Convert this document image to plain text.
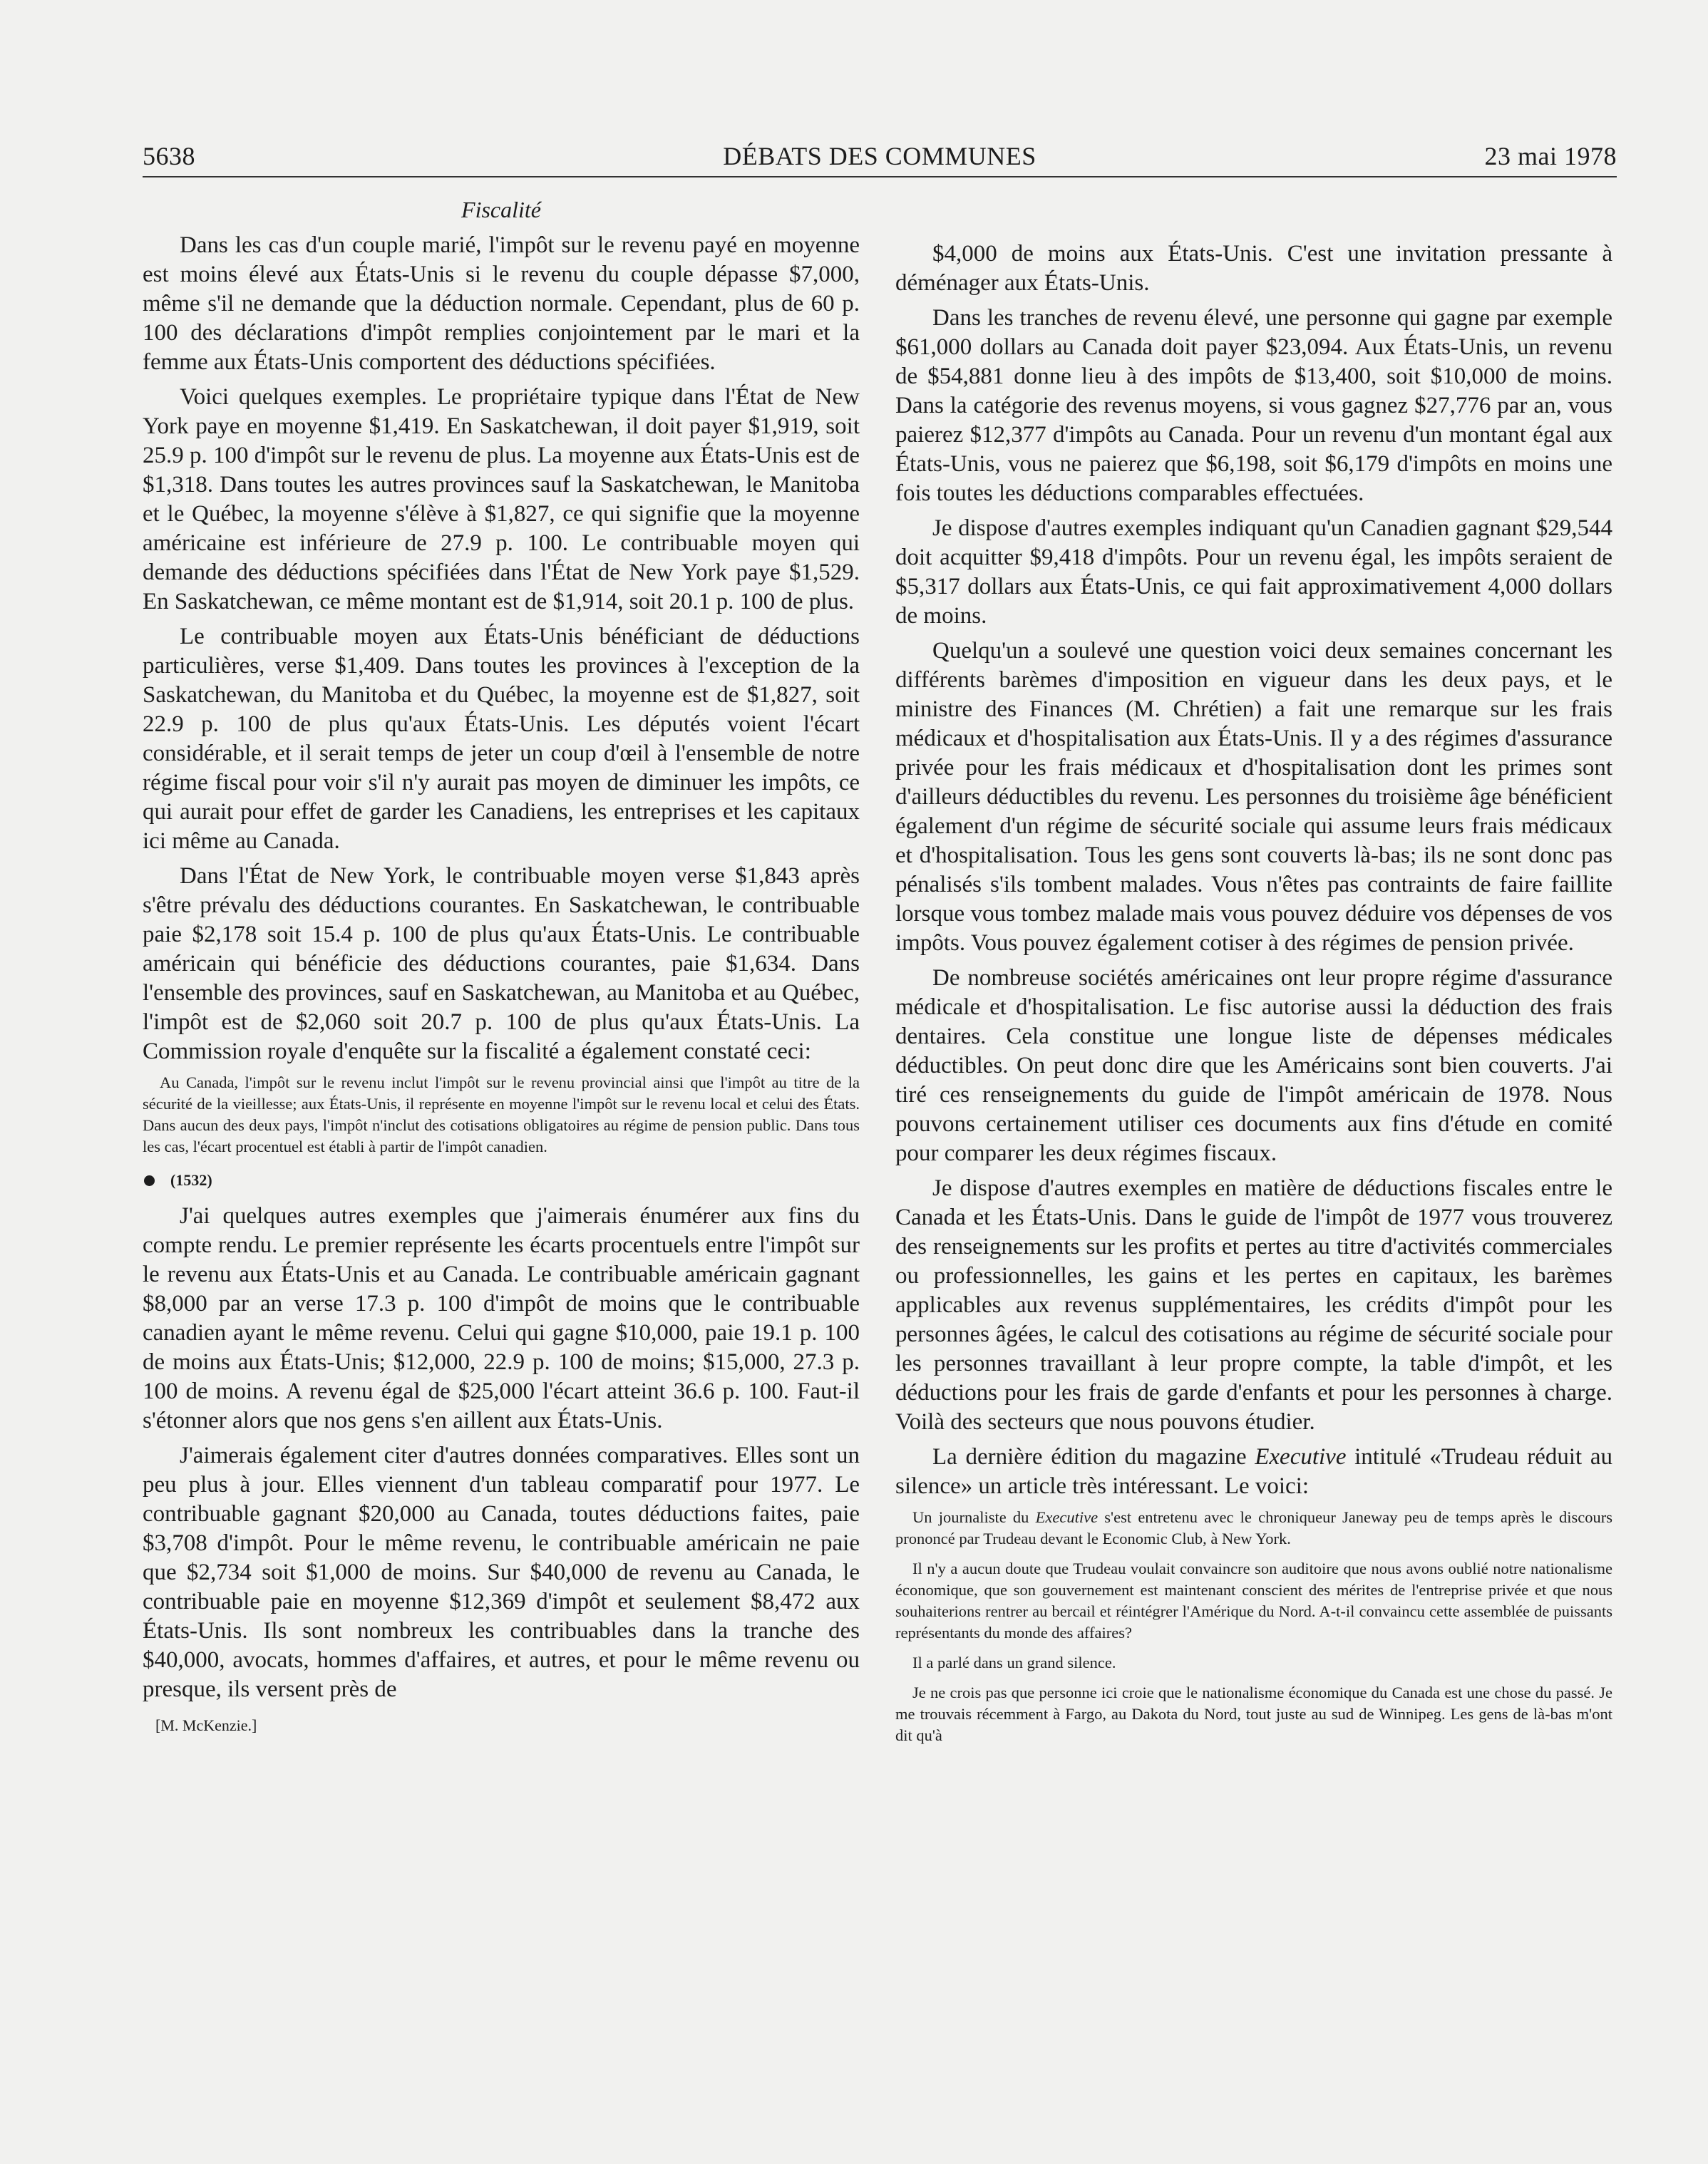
5638	DÉBATS DES COMMUNES	23 mai 1978
Fiscalité

Dans les cas d'un couple marié, l'impôt sur le revenu payé en moyenne est moins élevé aux États-Unis si le revenu du couple dépasse $7,000, même s'il ne demande que la déduction normale. Cependant, plus de 60 p. 100 des déclarations d'impôt remplies conjointement par le mari et la femme aux États-Unis comportent des déductions spécifiées.

Voici quelques exemples. Le propriétaire typique dans l'État de New York paye en moyenne $1,419. En Saskatchewan, il doit payer $1,919, soit 25.9 p. 100 d'impôt sur le revenu de plus. La moyenne aux États-Unis est de $1,318. Dans toutes les autres provinces sauf la Saskatchewan, le Manitoba et le Québec, la moyenne s'élève à $1,827, ce qui signifie que la moyenne américaine est inférieure de 27.9 p. 100. Le contribuable moyen qui demande des déductions spécifiées dans l'État de New York paye $1,529. En Saskatchewan, ce même montant est de $1,914, soit 20.1 p. 100 de plus.

Le contribuable moyen aux États-Unis bénéficiant de déductions particulières, verse $1,409. Dans toutes les provinces à l'exception de la Saskatchewan, du Manitoba et du Québec, la moyenne est de $1,827, soit 22.9 p. 100 de plus qu'aux États-Unis. Les députés voient l'écart considérable, et il serait temps de jeter un coup d'œil à l'ensemble de notre régime fiscal pour voir s'il n'y aurait pas moyen de diminuer les impôts, ce qui aurait pour effet de garder les Canadiens, les entreprises et les capitaux ici même au Canada.

Dans l'État de New York, le contribuable moyen verse $1,843 après s'être prévalu des déductions courantes. En Saskatchewan, le contribuable paie $2,178 soit 15.4 p. 100 de plus qu'aux États-Unis. Le contribuable américain qui bénéficie des déductions courantes, paie $1,634. Dans l'ensemble des provinces, sauf en Saskatchewan, au Manitoba et au Québec, l'impôt est de $2,060 soit 20.7 p. 100 de plus qu'aux États-Unis. La Commission royale d'enquête sur la fiscalité a également constaté ceci:

Au Canada, l'impôt sur le revenu inclut l'impôt sur le revenu provincial ainsi que l'impôt au titre de la sécurité de la vieillesse; aux États-Unis, il représente en moyenne l'impôt sur le revenu local et celui des États. Dans aucun des deux pays, l'impôt n'inclut des cotisations obligatoires au régime de pension public. Dans tous les cas, l'écart procentuel est établi à partir de l'impôt canadien.

(1532)

J'ai quelques autres exemples que j'aimerais énumérer aux fins du compte rendu. Le premier représente les écarts procentuels entre l'impôt sur le revenu aux États-Unis et au Canada. Le contribuable américain gagnant $8,000 par an verse 17.3 p. 100 d'impôt de moins que le contribuable canadien ayant le même revenu. Celui qui gagne $10,000, paie 19.1 p. 100 de moins aux États-Unis; $12,000, 22.9 p. 100 de moins; $15,000, 27.3 p. 100 de moins. A revenu égal de $25,000 l'écart atteint 36.6 p. 100. Faut-il s'étonner alors que nos gens s'en aillent aux États-Unis.

J'aimerais également citer d'autres données comparatives. Elles sont un peu plus à jour. Elles viennent d'un tableau comparatif pour 1977. Le contribuable gagnant $20,000 au Canada, toutes déductions faites, paie $3,708 d'impôt. Pour le même revenu, le contribuable américain ne paie que $2,734 soit $1,000 de moins. Sur $40,000 de revenu au Canada, le contribuable paie en moyenne $12,369 d'impôt et seulement $8,472 aux États-Unis. Ils sont nombreux les contribuables dans la tranche des $40,000, avocats, hommes d'affaires, et autres, et pour le même revenu ou presque, ils versent près de

[M. McKenzie.]

$4,000 de moins aux États-Unis. C'est une invitation pressante à déménager aux États-Unis.

Dans les tranches de revenu élevé, une personne qui gagne par exemple $61,000 dollars au Canada doit payer $23,094. Aux États-Unis, un revenu de $54,881 donne lieu à des impôts de $13,400, soit $10,000 de moins. Dans la catégorie des revenus moyens, si vous gagnez $27,776 par an, vous paierez $12,377 d'impôts au Canada. Pour un revenu d'un montant égal aux États-Unis, vous ne paierez que $6,198, soit $6,179 d'impôts en moins une fois toutes les déductions comparables effectuées.

Je dispose d'autres exemples indiquant qu'un Canadien gagnant $29,544 doit acquitter $9,418 d'impôts. Pour un revenu égal, les impôts seraient de $5,317 dollars aux États-Unis, ce qui fait approximativement 4,000 dollars de moins.

Quelqu'un a soulevé une question voici deux semaines concernant les différents barèmes d'imposition en vigueur dans les deux pays, et le ministre des Finances (M. Chrétien) a fait une remarque sur les frais médicaux et d'hospitalisation aux États-Unis. Il y a des régimes d'assurance privée pour les frais médicaux et d'hospitalisation dont les primes sont d'ailleurs déductibles du revenu. Les personnes du troisième âge bénéficient également d'un régime de sécurité sociale qui assume leurs frais médicaux et d'hospitalisation. Tous les gens sont couverts là-bas; ils ne sont donc pas pénalisés s'ils tombent malades. Vous n'êtes pas contraints de faire faillite lorsque vous tombez malade mais vous pouvez déduire vos dépenses de vos impôts. Vous pouvez également cotiser à des régimes de pension privée.

De nombreuse sociétés américaines ont leur propre régime d'assurance médicale et d'hospitalisation. Le fisc autorise aussi la déduction des frais dentaires. Cela constitue une longue liste de dépenses médicales déductibles. On peut donc dire que les Américains sont bien couverts. J'ai tiré ces renseignements du guide de l'impôt américain de 1978. Nous pouvons certainement utiliser ces documents aux fins d'étude en comité pour comparer les deux régimes fiscaux.

Je dispose d'autres exemples en matière de déductions fiscales entre le Canada et les États-Unis. Dans le guide de l'impôt de 1977 vous trouverez des renseignements sur les profits et pertes au titre d'activités commerciales ou professionnelles, les gains et les pertes en capitaux, les barèmes applicables aux revenus supplémentaires, les crédits d'impôt pour les personnes âgées, le calcul des cotisations au régime de sécurité sociale pour les personnes travaillant à leur propre compte, la table d'impôt, et les déductions pour les frais de garde d'enfants et pour les personnes à charge. Voilà des secteurs que nous pouvons étudier.

La dernière édition du magazine Executive intitulé «Trudeau réduit au silence» un article très intéressant. Le voici:

Un journaliste du Executive s'est entretenu avec le chroniqueur Janeway peu de temps après le discours prononcé par Trudeau devant le Economic Club, à New York.

Il n'y a aucun doute que Trudeau voulait convaincre son auditoire que nous avons oublié notre nationalisme économique, que son gouvernement est maintenant conscient des mérites de l'entreprise privée et que nous souhaiterions rentrer au bercail et réintégrer l'Amérique du Nord. A-t-il convaincu cette assemblée de puissants représentants du monde des affaires?

Il a parlé dans un grand silence.

Je ne crois pas que personne ici croie que le nationalisme économique du Canada est une chose du passé. Je me trouvais récemment à Fargo, au Dakota du Nord, tout juste au sud de Winnipeg. Les gens de là-bas m'ont dit qu'à
